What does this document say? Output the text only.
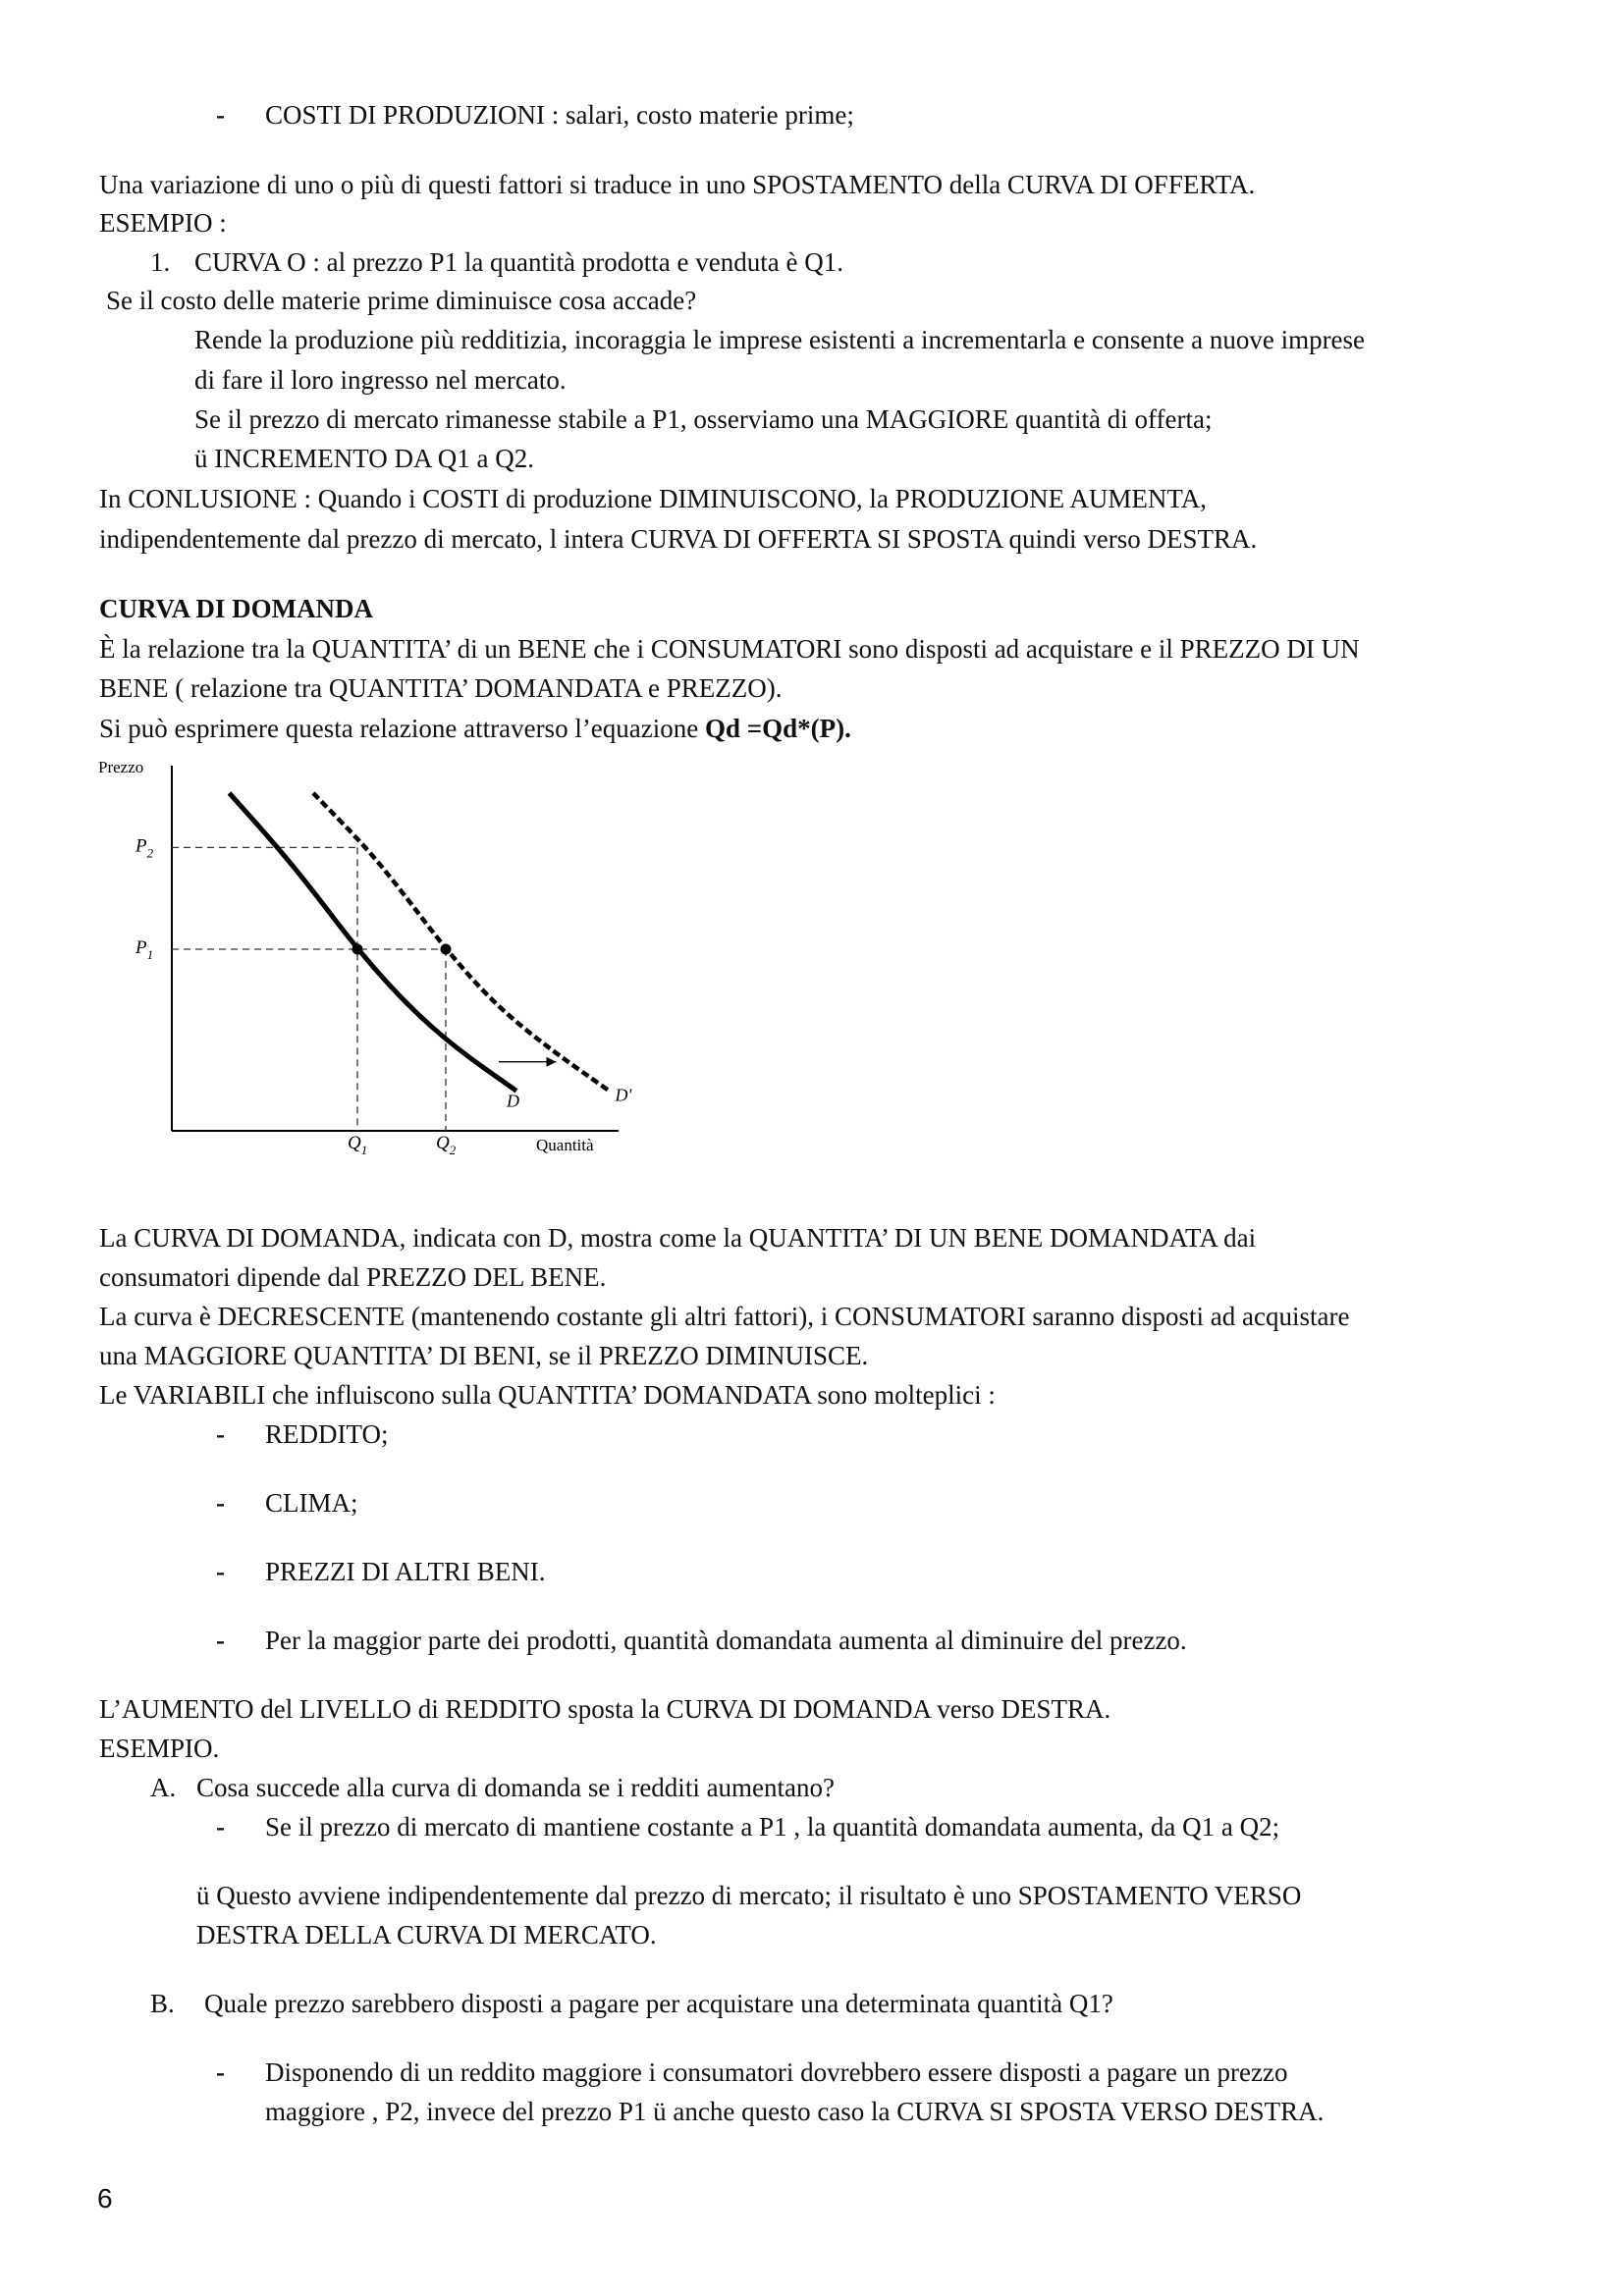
- COSTI DI PRODUZIONI : salari, costo materie prime;
Una variazione di uno o più di questi fattori si traduce in uno SPOSTAMENTO della CURVA DI OFFERTA.
ESEMPIO :
1. CURVA O : al prezzo P1 la quantità prodotta e venduta è Q1.
Se il costo delle materie prime diminuisce cosa accade?
Rende la produzione più redditizia, incoraggia le imprese esistenti a incrementarla e consente a nuove imprese
di fare il loro ingresso nel mercato.
Se il prezzo di mercato rimanesse stabile a P1, osserviamo una MAGGIORE quantità di offerta;
ü INCREMENTO DA Q1 a Q2.
In CONLUSIONE : Quando i COSTI di produzione DIMINUISCONO, la PRODUZIONE AUMENTA,
indipendentemente dal prezzo di mercato, l intera CURVA DI OFFERTA SI SPOSTA quindi verso DESTRA.
CURVA DI DOMANDA
È la relazione tra la QUANTITA’ di un BENE che i CONSUMATORI sono disposti ad acquistare e il PREZZO DI UN
BENE ( relazione tra QUANTITA’ DOMANDATA e PREZZO).
Si può esprimere questa relazione attraverso l’equazione Qd =Qd*(P).
Prezzo
Quantità
D	D'
$P_2$
$P_1$
$Q_1$	$Q_2$
La CURVA DI DOMANDA, indicata con D, mostra come la QUANTITA’ DI UN BENE DOMANDATA dai
consumatori dipende dal PREZZO DEL BENE.
La curva è DECRESCENTE (mantenendo costante gli altri fattori), i CONSUMATORI saranno disposti ad acquistare
una MAGGIORE QUANTITA’ DI BENI, se il PREZZO DIMINUISCE.
Le VARIABILI che influiscono sulla QUANTITA’ DOMANDATA sono molteplici :
- REDDITO;
- CLIMA;
- PREZZI DI ALTRI BENI.
- Per la maggior parte dei prodotti, quantità domandata aumenta al diminuire del prezzo.
L’AUMENTO del LIVELLO di REDDITO sposta la CURVA DI DOMANDA verso DESTRA.
ESEMPIO.
A. Cosa succede alla curva di domanda se i redditi aumentano?
- Se il prezzo di mercato di mantiene costante a P1 , la quantità domandata aumenta, da Q1 a Q2;
ü Questo avviene indipendentemente dal prezzo di mercato; il risultato è uno SPOSTAMENTO VERSO
DESTRA DELLA CURVA DI MERCATO.
B. Quale prezzo sarebbero disposti a pagare per acquistare una determinata quantità Q1?
- Disponendo di un reddito maggiore i consumatori dovrebbero essere disposti a pagare un prezzo
maggiore , P2, invece del prezzo P1 ü anche questo caso la CURVA SI SPOSTA VERSO DESTRA.
6
